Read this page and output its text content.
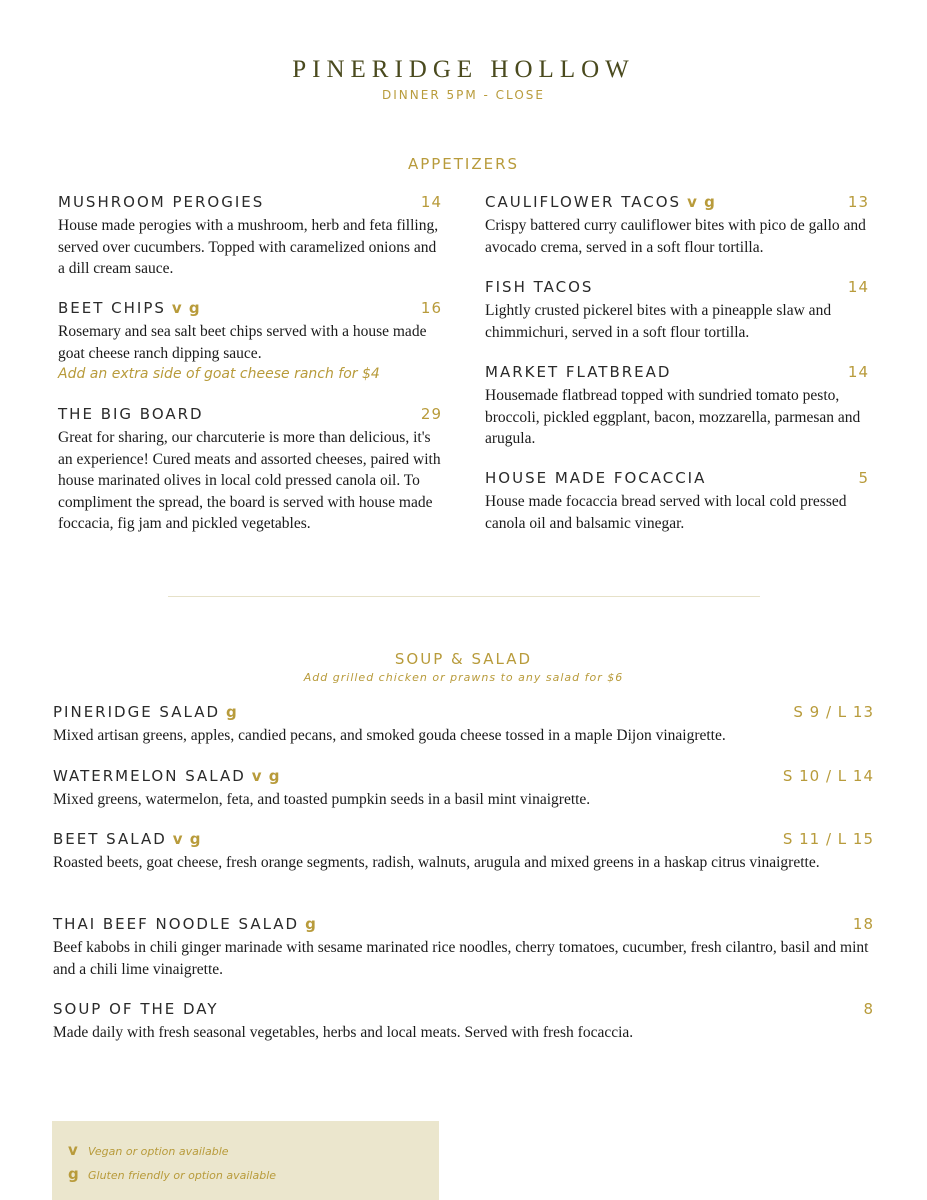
PINERIDGE HOLLOW
DINNER 5PM - CLOSE
APPETIZERS
MUSHROOM PEROGIES	14
House made perogies with a mushroom, herb and feta filling, served over cucumbers. Topped with caramelized onions and a dill cream sauce.
BEET CHIPS v g	16
Rosemary and sea salt beet chips served with a house made goat cheese ranch dipping sauce.
Add an extra side of goat cheese ranch for $4
THE BIG BOARD	29
Great for sharing, our charcuterie is more than delicious, it's an experience! Cured meats and assorted cheeses, paired with house marinated olives in local cold pressed canola oil. To compliment the spread, the board is served with house made foccacia, fig jam and pickled vegetables.
CAULIFLOWER TACOS v g	13
Crispy battered curry cauliflower bites with pico de gallo and avocado crema, served in a soft flour tortilla.
FISH TACOS	14
Lightly crusted pickerel bites with a pineapple slaw and chimmichuri, served in a soft flour tortilla.
MARKET FLATBREAD	14
Housemade flatbread topped with sundried tomato pesto, broccoli, pickled eggplant, bacon, mozzarella, parmesan and arugula.
HOUSE MADE FOCACCIA	5
House made focaccia bread served with local cold pressed canola oil and balsamic vinegar.
SOUP & SALAD
Add grilled chicken or prawns to any salad for $6
PINERIDGE SALAD g	S 9 / L 13
Mixed artisan greens, apples, candied pecans, and smoked gouda cheese tossed in a maple Dijon vinaigrette.
WATERMELON SALAD v g	S 10 / L 14
Mixed greens, watermelon, feta, and toasted pumpkin seeds in a basil mint vinaigrette.
BEET SALAD v g	S 11 / L 15
Roasted beets, goat cheese, fresh orange segments, radish, walnuts, arugula and mixed greens in a haskap citrus vinaigrette.
THAI BEEF NOODLE SALAD g	18
Beef kabobs in chili ginger marinade with sesame marinated rice noodles, cherry tomatoes, cucumber, fresh cilantro, basil and mint and a chili lime vinaigrette.
SOUP OF THE DAY	8
Made daily with fresh seasonal vegetables, herbs and local meats. Served with fresh focaccia.
v Vegan or option available
g Gluten friendly or option available
